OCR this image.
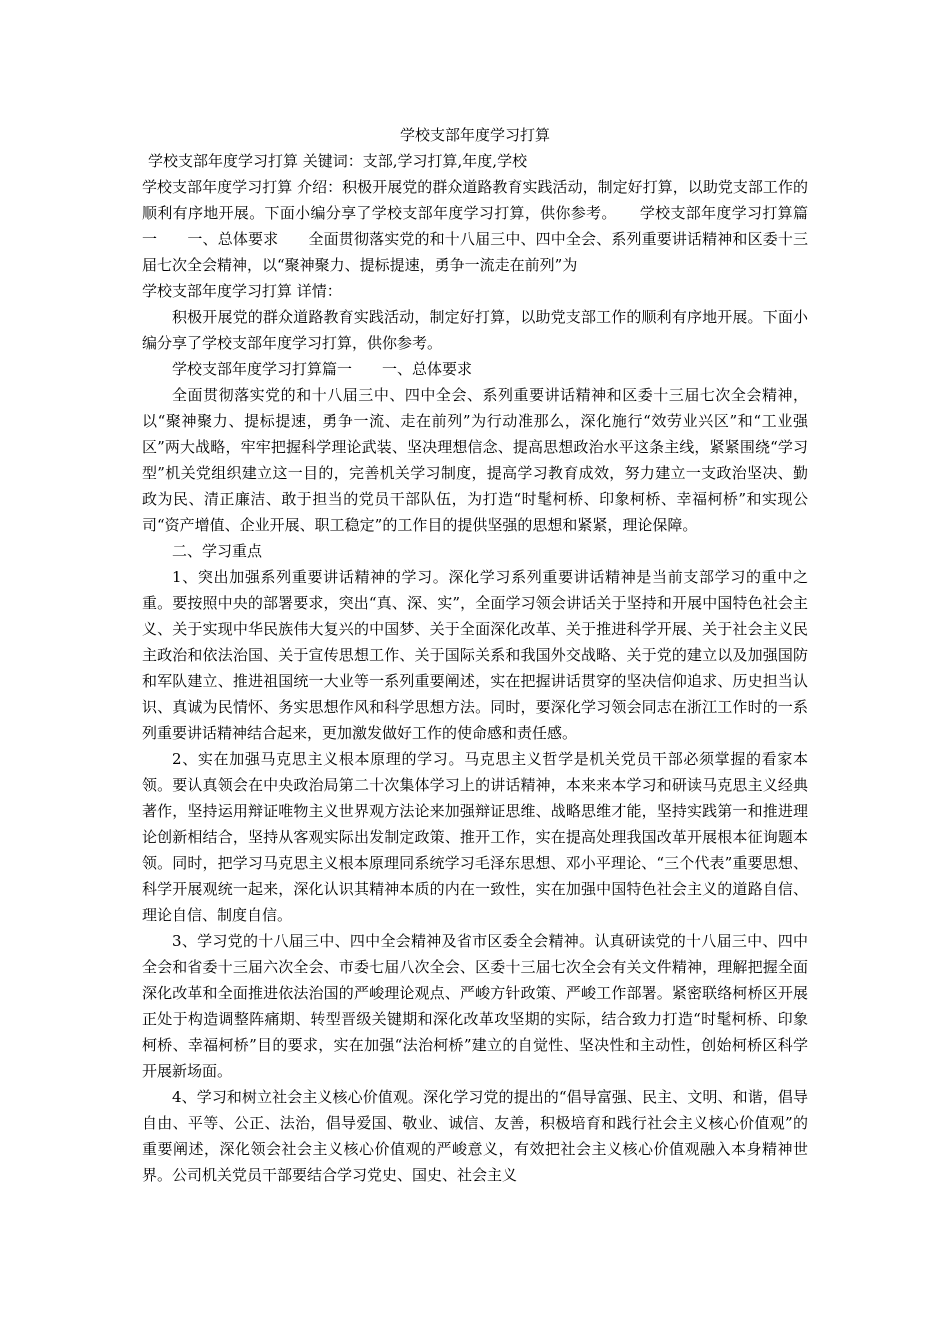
学校支部年度学习打算

学校支部年度学习打算 关键词：支部,学习打算,年度,学校

学校支部年度学习打算 介绍：积极开展党的群众道路教育实践活动，制定好打算，以助党支部工作的顺利有序地开展。下面小编分享了学校支部年度学习打算，供你参考。　　学校支部年度学习打算篇一　　一、总体要求　　全面贯彻落实党的和十八届三中、四中全会、系列重要讲话精神和区委十三届七次全会精神，以“聚神聚力、提标提速，勇争一流走在前列”为

学校支部年度学习打算 详情：

积极开展党的群众道路教育实践活动，制定好打算，以助党支部工作的顺利有序地开展。下面小编分享了学校支部年度学习打算，供你参考。

学校支部年度学习打算篇一　　一、总体要求

全面贯彻落实党的和十八届三中、四中全会、系列重要讲话精神和区委十三届七次全会精神，以“聚神聚力、提标提速，勇争一流、走在前列”为行动准那么，深化施行“效劳业兴区”和“工业强区”两大战略，牢牢把握科学理论武装、坚决理想信念、提高思想政治水平这条主线，紧紧围绕“学习型”机关党组织建立这一目的，完善机关学习制度，提高学习教育成效，努力建立一支政治坚决、勤政为民、清正廉洁、敢于担当的党员干部队伍，为打造“时髦柯桥、印象柯桥、幸福柯桥”和实现公司“资产增值、企业开展、职工稳定”的工作目的提供坚强的思想和紧紧，理论保障。

二、学习重点

1、突出加强系列重要讲话精神的学习。深化学习系列重要讲话精神是当前支部学习的重中之重。要按照中央的部署要求，突出“真、深、实”，全面学习领会讲话关于坚持和开展中国特色社会主义、关于实现中华民族伟大复兴的中国梦、关于全面深化改革、关于推进科学开展、关于社会主义民主政治和依法治国、关于宣传思想工作、关于国际关系和我国外交战略、关于党的建立以及加强国防和军队建立、推进祖国统一大业等一系列重要阐述，实在把握讲话贯穿的坚决信仰追求、历史担当认识、真诚为民情怀、务实思想作风和科学思想方法。同时，要深化学习领会同志在浙江工作时的一系列重要讲话精神结合起来，更加激发做好工作的使命感和责任感。

2、实在加强马克思主义根本原理的学习。马克思主义哲学是机关党员干部必须掌握的看家本领。要认真领会在中央政治局第二十次集体学习上的讲话精神，本来来本学习和研读马克思主义经典著作，坚持运用辩证唯物主义世界观方法论来加强辩证思维、战略思维才能，坚持实践第一和推进理论创新相结合，坚持从客观实际出发制定政策、推开工作，实在提高处理我国改革开展根本征询题本领。同时，把学习马克思主义根本原理同系统学习毛泽东思想、邓小平理论、“三个代表”重要思想、科学开展观统一起来，深化认识其精神本质的内在一致性，实在加强中国特色社会主义的道路自信、理论自信、制度自信。

3、学习党的十八届三中、四中全会精神及省市区委全会精神。认真研读党的十八届三中、四中全会和省委十三届六次全会、市委七届八次全会、区委十三届七次全会有关文件精神，理解把握全面深化改革和全面推进依法治国的严峻理论观点、严峻方针政策、严峻工作部署。紧密联络柯桥区开展正处于构造调整阵痛期、转型晋级关键期和深化改革攻坚期的实际，结合致力打造“时髦柯桥、印象柯桥、幸福柯桥”目的要求，实在加强“法治柯桥”建立的自觉性、坚决性和主动性，创始柯桥区科学开展新场面。

4、学习和树立社会主义核心价值观。深化学习党的提出的“倡导富强、民主、文明、和谐，倡导自由、平等、公正、法治，倡导爱国、敬业、诚信、友善，积极培育和践行社会主义核心价值观”的重要阐述，深化领会社会主义核心价值观的严峻意义，有效把社会主义核心价值观融入本身精神世界。公司机关党员干部要结合学习党史、国史、社会主义
